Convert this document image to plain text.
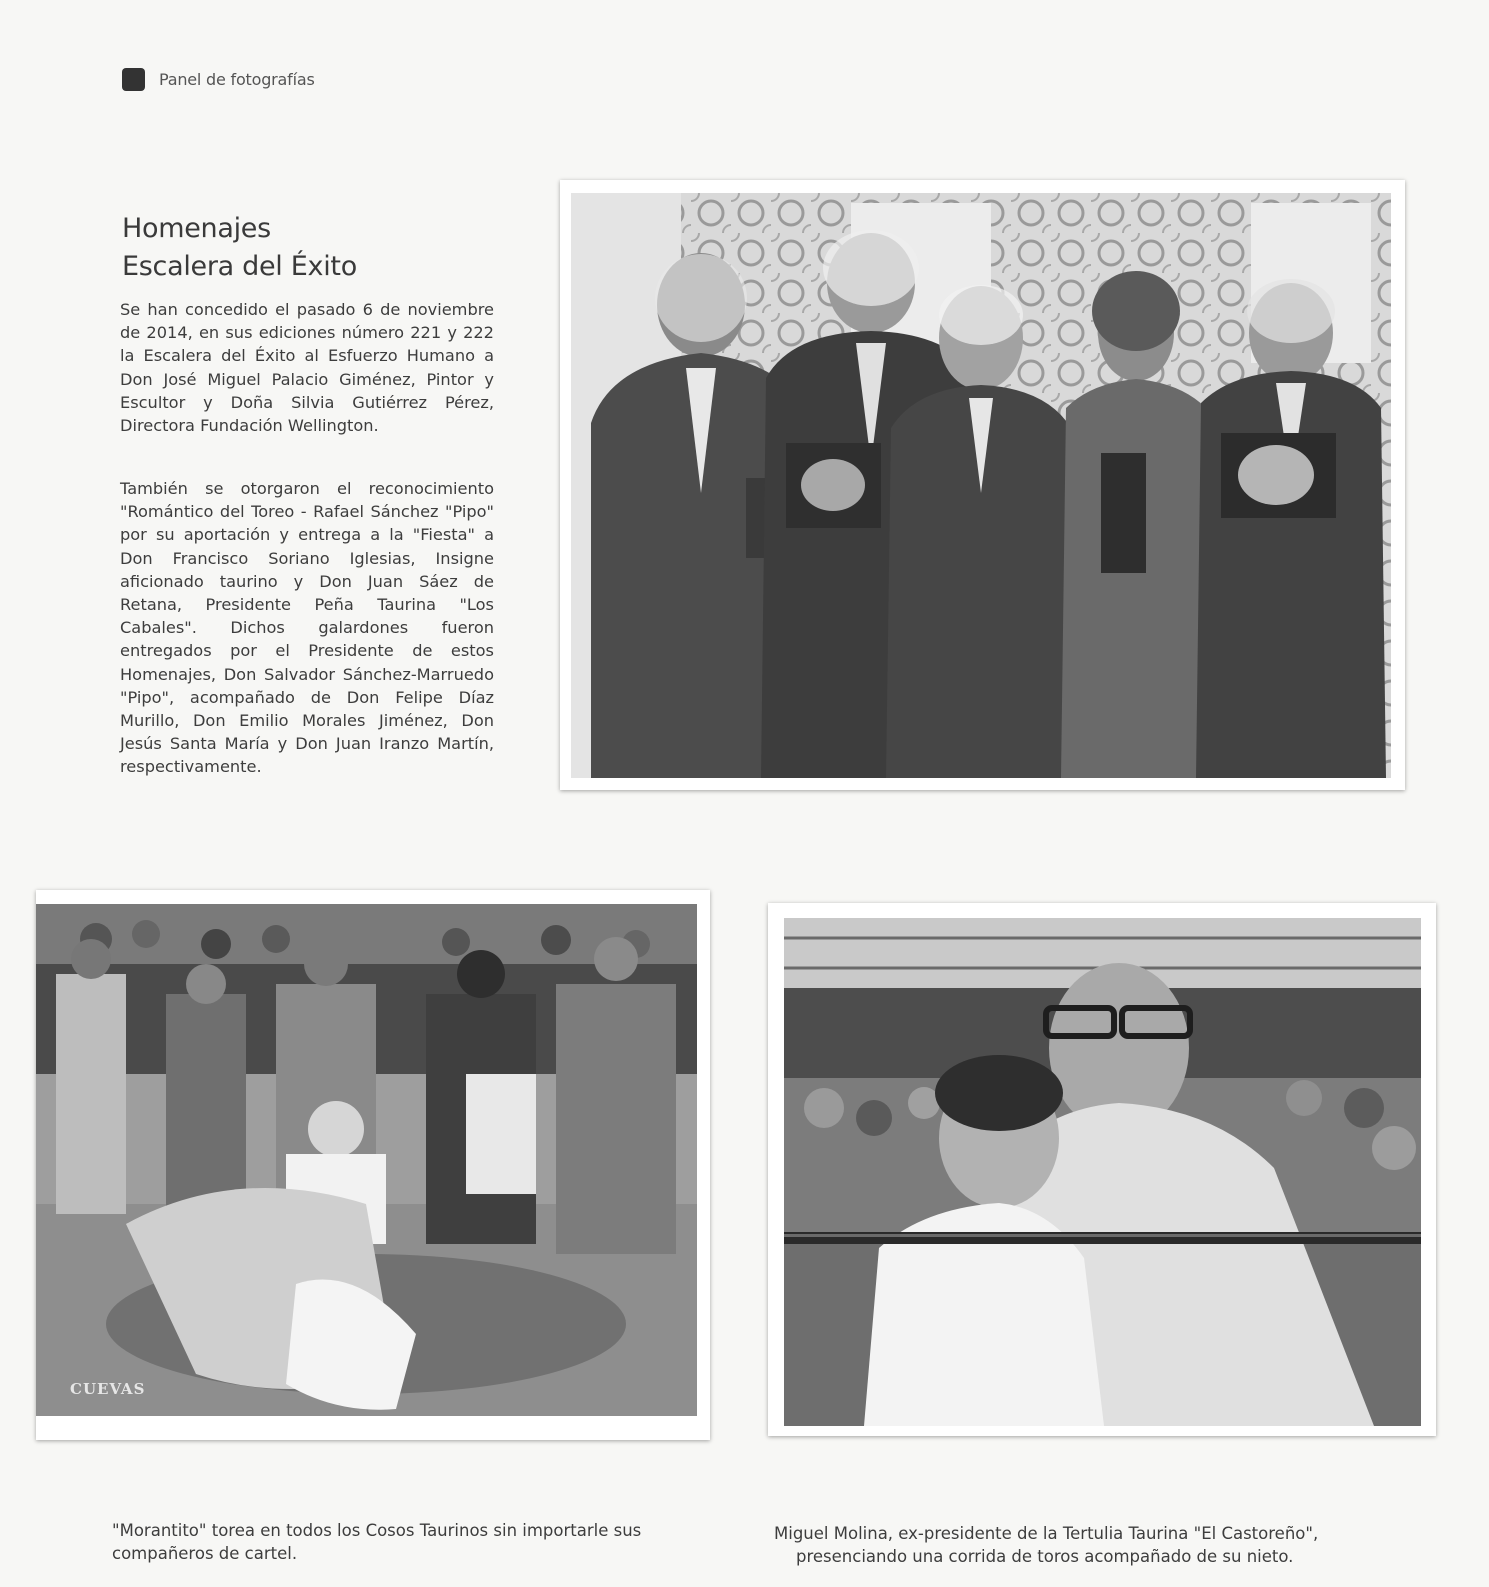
Panel de fotografías
Homenajes
Escalera del Éxito

Se han concedido el pasado 6 de noviembre de 2014, en sus ediciones número 221 y 222 la Escalera del Éxito al Esfuerzo Humano a Don José Miguel Palacio Giménez, Pintor y Escultor y Doña Silvia Gutiérrez Pérez, Directora Fundación Wellington.

También se otorgaron el reconocimiento "Romántico del Toreo - Rafael Sánchez "Pipo" por su aportación y entrega a la "Fiesta" a Don Francisco Soriano Iglesias, Insigne aficionado taurino y Don Juan Sáez de Retana, Presidente Peña Taurina "Los Cabales". Dichos galardones fueron entregados por el Presidente de estos Homenajes, Don Salvador Sánchez-Marruedo "Pipo", acompañado de Don Felipe Díaz Murillo, Don Emilio Morales Jiménez, Don Jesús Santa María y Don Juan Iranzo Martín, respectivamente.

CUEVAS

"Morantito" torea en todos los Cosos Taurinos sin importarle sus compañeros de cartel.

Miguel Molina, ex-presidente de la Tertulia Taurina "El Castoreño",
presenciando una corrida de toros acompañado de su nieto.
